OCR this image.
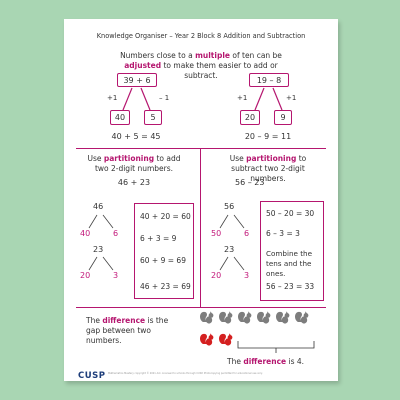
Knowledge Organiser – Year 2 Block 8 Addition and Subtraction
Numbers close to a multiple of ten can be adjusted to make them easier to add or subtract.
39 + 6
+1	– 1
40	5
40 + 5 = 45
19 – 8
+1	+1
20	9
20 – 9 = 11
Use partitioning to add two 2-digit numbers.
46 + 23
46
40	6
23
20	3
40 + 20 = 60
6 + 3 = 9
60 + 9 = 69
46 + 23 = 69
Use partitioning to subtract two 2-digit numbers.
56 – 23
56
50	6
23
20	3
50 – 20 = 30
6 – 3 = 3
Combine the tens and the ones.
56 – 23 = 33
The difference is the gap between two numbers.
The difference is 4.
CUSP Mathematics Mastery copyright © 2021 Ark. Licensed to schools through CUSP. Photocopying permitted for educational use only.
